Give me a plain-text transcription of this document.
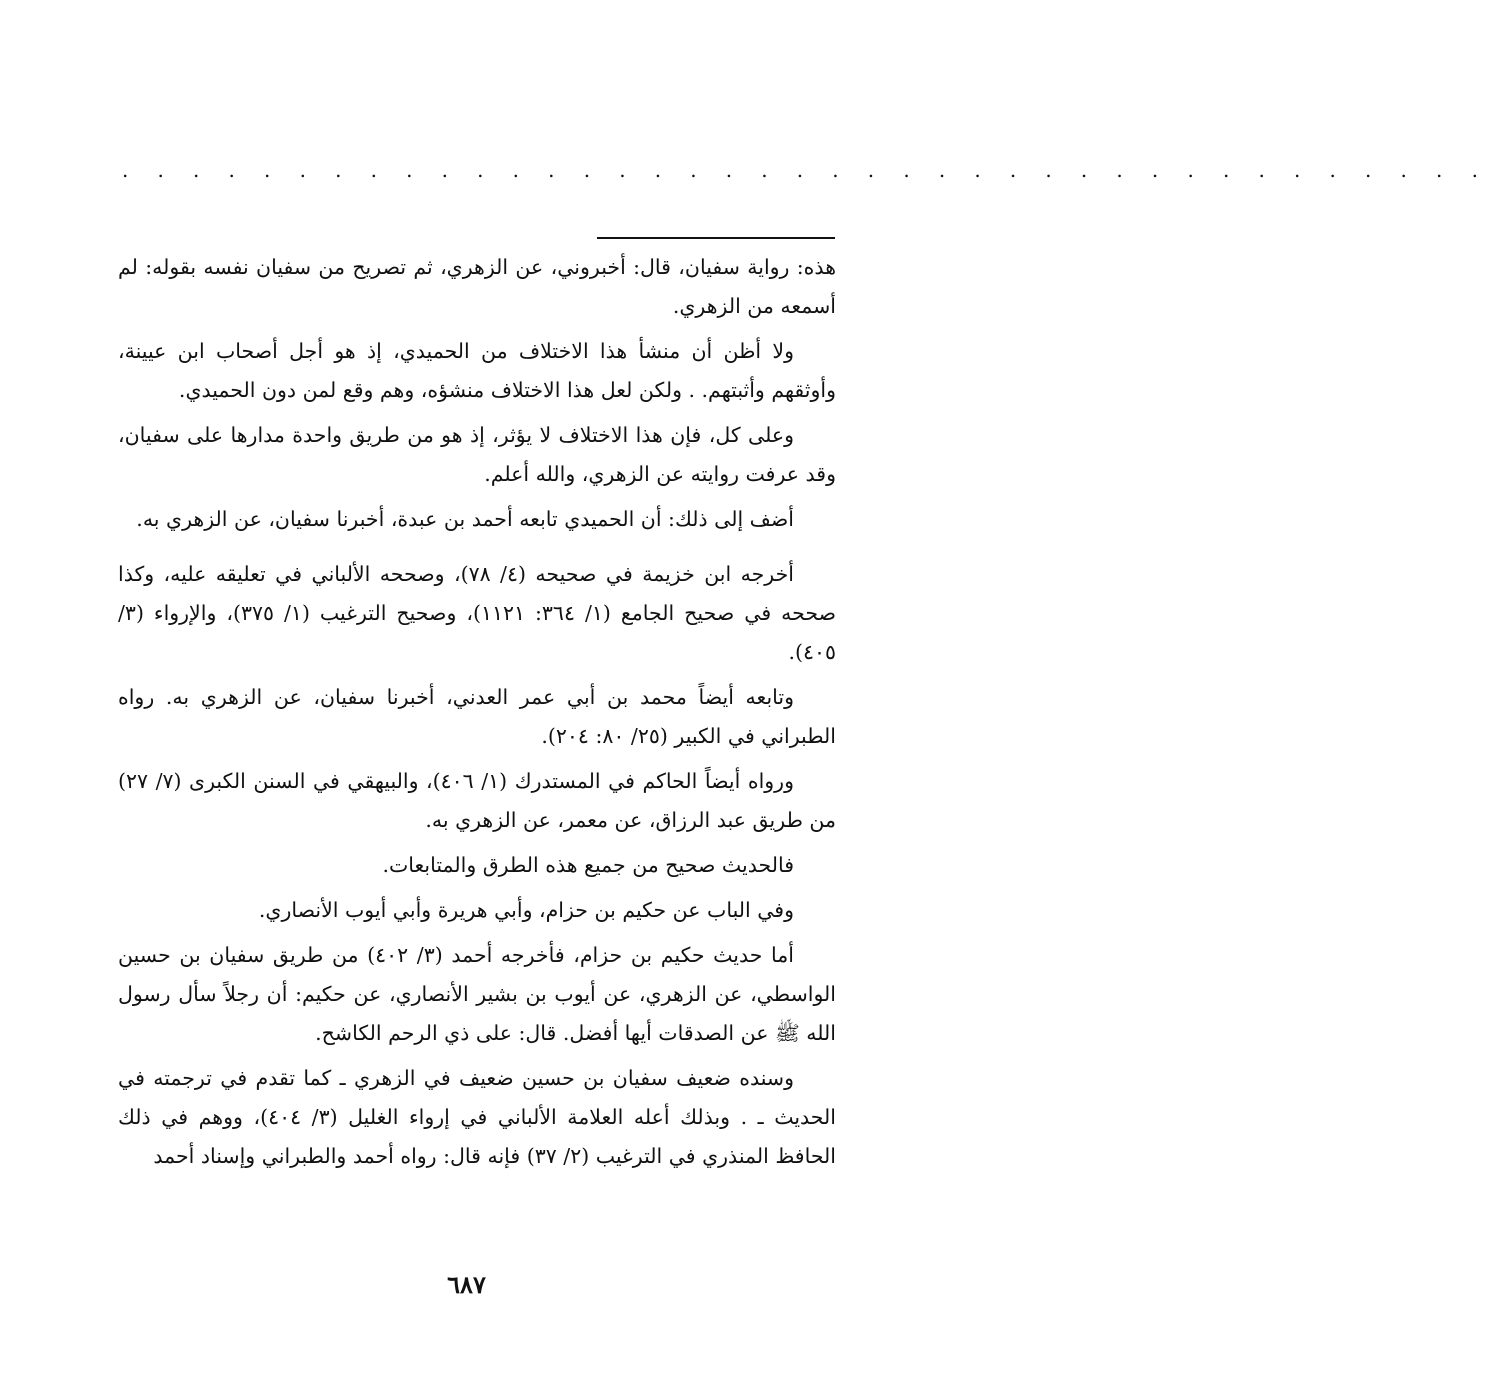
. . . . . . . . . . . . . . . . . . . . . . . . . . . . . . . . . . . . . . .

هذه: رواية سفيان، قال: أخبروني، عن الزهري، ثم تصريح من سفيان نفسه بقوله: لم أسمعه من الزهري.

ولا أظن أن منشأ هذا الاختلاف من الحميدي، إذ هو أجل أصحاب ابن عيينة، وأوثقهم وأثبتهم. . ولكن لعل هذا الاختلاف منشؤه، وهم وقع لمن دون الحميدي.

وعلى كل، فإن هذا الاختلاف لا يؤثر، إذ هو من طريق واحدة مدارها على سفيان، وقد عرفت روايته عن الزهري، والله أعلم.

أضف إلى ذلك: أن الحميدي تابعه أحمد بن عبدة، أخبرنا سفيان، عن الزهري به.

أخرجه ابن خزيمة في صحيحه (٤/ ٧٨)، وصححه الألباني في تعليقه عليه، وكذا صححه في صحيح الجامع (١/ ٣٦٤: ١١٢١)، وصحيح الترغيب (١/ ٣٧٥)، والإرواء (٣/ ٤٠٥).

وتابعه أيضاً محمد بن أبي عمر العدني، أخبرنا سفيان، عن الزهري به. رواه الطبراني في الكبير (٢٥/ ٨٠: ٢٠٤).

ورواه أيضاً الحاكم في المستدرك (١/ ٤٠٦)، والبيهقي في السنن الكبرى (٧/ ٢٧) من طريق عبد الرزاق، عن معمر، عن الزهري به.

فالحديث صحيح من جميع هذه الطرق والمتابعات.

وفي الباب عن حكيم بن حزام، وأبي هريرة وأبي أيوب الأنصاري.

أما حديث حكيم بن حزام، فأخرجه أحمد (٣/ ٤٠٢) من طريق سفيان بن حسين الواسطي، عن الزهري، عن أيوب بن بشير الأنصاري، عن حكيم: أن رجلاً سأل رسول الله ﷺ عن الصدقات أيها أفضل. قال: على ذي الرحم الكاشح.

وسنده ضعيف سفيان بن حسين ضعيف في الزهري ـ كما تقدم في ترجمته في الحديث ـ . وبذلك أعله العلامة الألباني في إرواء الغليل (٣/ ٤٠٤)، ووهم في ذلك الحافظ المنذري في الترغيب (٢/ ٣٧) فإنه قال: رواه أحمد والطبراني وإسناد أحمد

٦٨٧
